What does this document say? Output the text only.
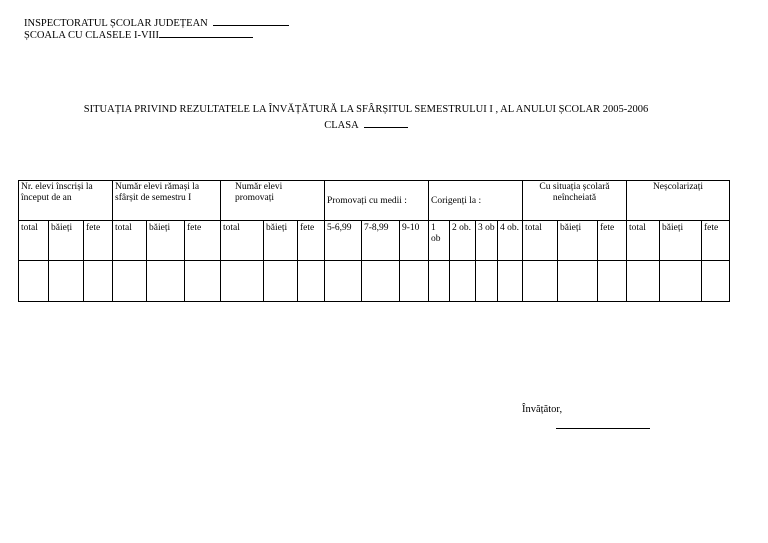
INSPECTORATUL ȘCOLAR JUDEȚEAN
ȘCOALA CU CLASELE I-VIII
SITUAȚIA PRIVIND REZULTATELE LA ÎNVĂȚĂTURĂ LA SFÂRȘITUL SEMESTRULUI I , AL ANULUI ȘCOLAR 2005-2006
CLASA
Nr. elevi înscriși la început de an			Număr elevi rămași la sfârșit de semestru I			Număr elevi promovați			Promovați cu medii :			Corigenți la :				Cu situația școlară neîncheiată			Neșcolarizați		
total	băieți	fete	total	băieți	fete	total	băieți	fete	5-6,99	7-8,99	9-10	1 ob	2 ob.	3 ob	4 ob.	total	băieți	fete	total	băieți	fete

Învățător,
